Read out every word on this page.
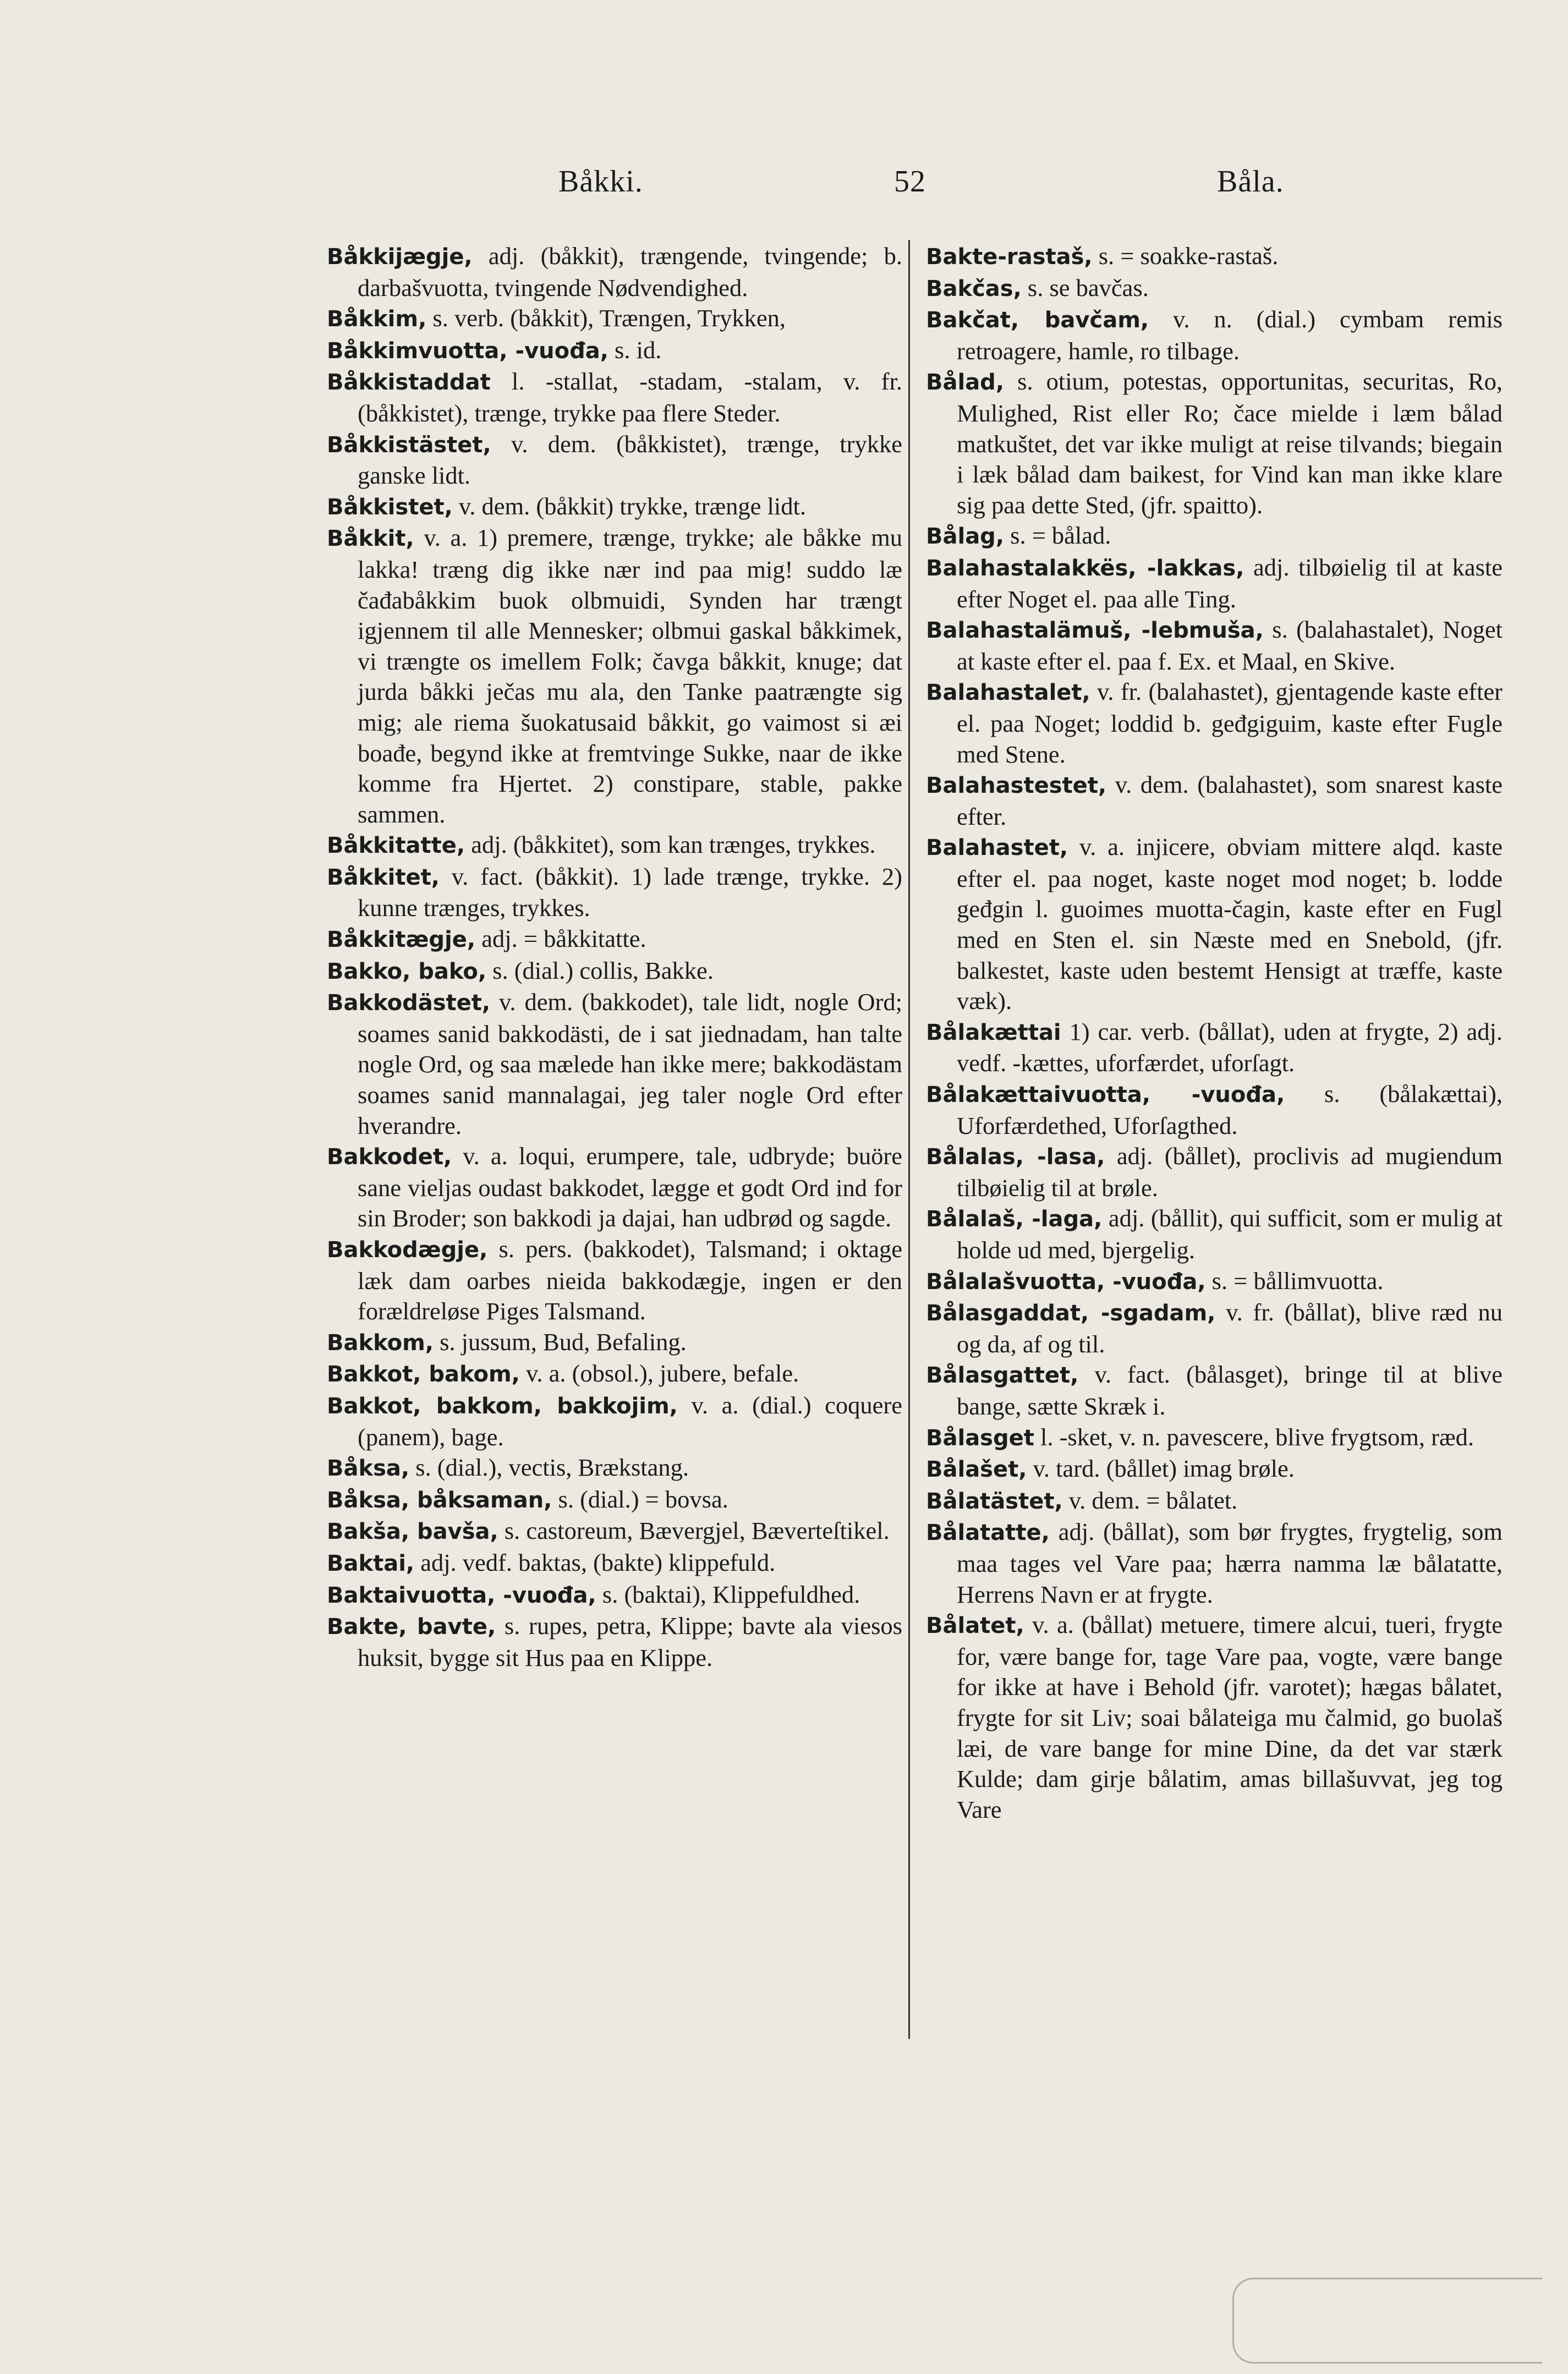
Båkki.	52	Båla.

Båkkijægje, adj. (båkkit), trængende, tvingende; b. darbašvuotta, tvingende Nødvendighed.

Båkkim, s. verb. (båkkit), Trængen, Trykken,

Båkkimvuotta, -vuođa, s. id.

Båkkistaddat l. -stallat, -stadam, -stalam, v. fr. (båkkistet), trænge, trykke paa flere Steder.

Båkkistästet, v. dem. (båkkistet), trænge, trykke ganske lidt.

Båkkistet, v. dem. (båkkit) trykke, trænge lidt.

Båkkit, v. a. 1) premere, trænge, trykke; ale båkke mu lakka! træng dig ikke nær ind paa mig! suddo læ čađabåkkim buok olbmuidi, Synden har trængt igjennem til alle Mennesker; olbmui gaskal båkkimek, vi trængte os imellem Folk; čavga båkkit, knuge; dat jurda båkki ječas mu ala, den Tanke paatrængte sig mig; ale riema šuokatusaid båkkit, go vaimost si æi boađe, begynd ikke at fremtvinge Sukke, naar de ikke komme fra Hjertet. 2) constipare, stable, pakke sammen.

Båkkitatte, adj. (båkkitet), som kan trænges, trykkes.

Båkkitet, v. fact. (båkkit). 1) lade trænge, trykke. 2) kunne trænges, trykkes.

Båkkitægje, adj. = båkkitatte.

Bakko, bako, s. (dial.) collis, Bakke.

Bakkodästet, v. dem. (bakkodet), tale lidt, nogle Ord; soames sanid bakkodästi, de i sat jiednadam, han talte nogle Ord, og saa mælede han ikke mere; bakkodästam soames sanid mannalagai, jeg taler nogle Ord efter hverandre.

Bakkodet, v. a. loqui, erumpere, tale, udbryde; buöre sane vieljas oudast bakkodet, lægge et godt Ord ind for sin Broder; son bakkodi ja dajai, han udbrød og sagde.

Bakkodægje, s. pers. (bakkodet), Talsmand; i oktage læk dam oarbes nieida bakkodægje, ingen er den forældreløse Piges Talsmand.

Bakkom, s. jussum, Bud, Befaling.

Bakkot, bakom, v. a. (obsol.), jubere, befale.

Bakkot, bakkom, bakkojim, v. a. (dial.) coquere (panem), bage.

Båksa, s. (dial.), vectis, Brækstang.

Båksa, båksaman, s. (dial.) = bovsa.

Bakša, bavša, s. castoreum, Bævergjel, Bæverteſtikel.

Baktai, adj. vedf. baktas, (bakte) klippefuld.

Baktaivuotta, -vuođa, s. (baktai), Klippefuldhed.

Bakte, bavte, s. rupes, petra, Klippe; bavte ala viesos huksit, bygge sit Hus paa en Klippe.

Bakte-rastaš, s. = soakke-rastaš.

Bakčas, s. se bavčas.

Bakčat, bavčam, v. n. (dial.) cymbam remis retroagere, hamle, ro tilbage.

Bålad, s. otium, potestas, opportunitas, securitas, Ro, Mulighed, Rist eller Ro; čace mielde i læm bålad matkuštet, det var ikke muligt at reise tilvands; biegain i læk bålad dam baikest, for Vind kan man ikke klare sig paa dette Sted, (jfr. spaitto).

Bålag, s. = bålad.

Balahastalakkës, -lakkas, adj. tilbøielig til at kaste efter Noget el. paa alle Ting.

Balahastalämuš, -lebmuša, s. (balahastalet), Noget at kaste efter el. paa f. Ex. et Maal, en Skive.

Balahastalet, v. fr. (balahastet), gjentagende kaste efter el. paa Noget; loddid b. geđgiguim, kaste efter Fugle med Stene.

Balahastestet, v. dem. (balahastet), som snarest kaste efter.

Balahastet, v. a. injicere, obviam mittere alqd. kaste efter el. paa noget, kaste noget mod noget; b. lodde geđgin l. guoimes muotta-čagin, kaste efter en Fugl med en Sten el. sin Næste med en Snebold, (jfr. balkestet, kaste uden bestemt Hensigt at træffe, kaste væk).

Bålakættai 1) car. verb. (bållat), uden at frygte, 2) adj. vedf. -kættes, uforfærdet, uforſagt.

Bålakættaivuotta, -vuođa, s. (bålakættai), Uforfærdethed, Uforſagthed.

Bålalas, -lasa, adj. (bållet), proclivis ad mugiendum tilbøielig til at brøle.

Bålalaš, -laga, adj. (bållit), qui sufficit, som er mulig at holde ud med, bjergelig.

Bålalašvuotta, -vuođa, s. = bållimvuotta.

Bålasgaddat, -sgadam, v. fr. (bållat), blive ræd nu og da, af og til.

Bålasgattet, v. fact. (bålasget), bringe til at blive bange, sætte Skræk i.

Bålasget l. -sket, v. n. pavescere, blive frygtsom, ræd.

Bålašet, v. tard. (bållet) imag brøle.

Bålatästet, v. dem. = bålatet.

Bålatatte, adj. (bållat), som bør frygtes, frygtelig, som maa tages vel Vare paa; hærra namma læ bålatatte, Herrens Navn er at frygte.

Bålatet, v. a. (bållat) metuere, timere alcui, tueri, frygte for, være bange for, tage Vare paa, vogte, være bange for ikke at have i Behold (jfr. varotet); hægas bålatet, frygte for sit Liv; soai bålateiga mu čalmid, go buolaš læi, de vare bange for mine Dine, da det var stærk Kulde; dam girje bålatim, amas billašuvvat, jeg tog Vare
